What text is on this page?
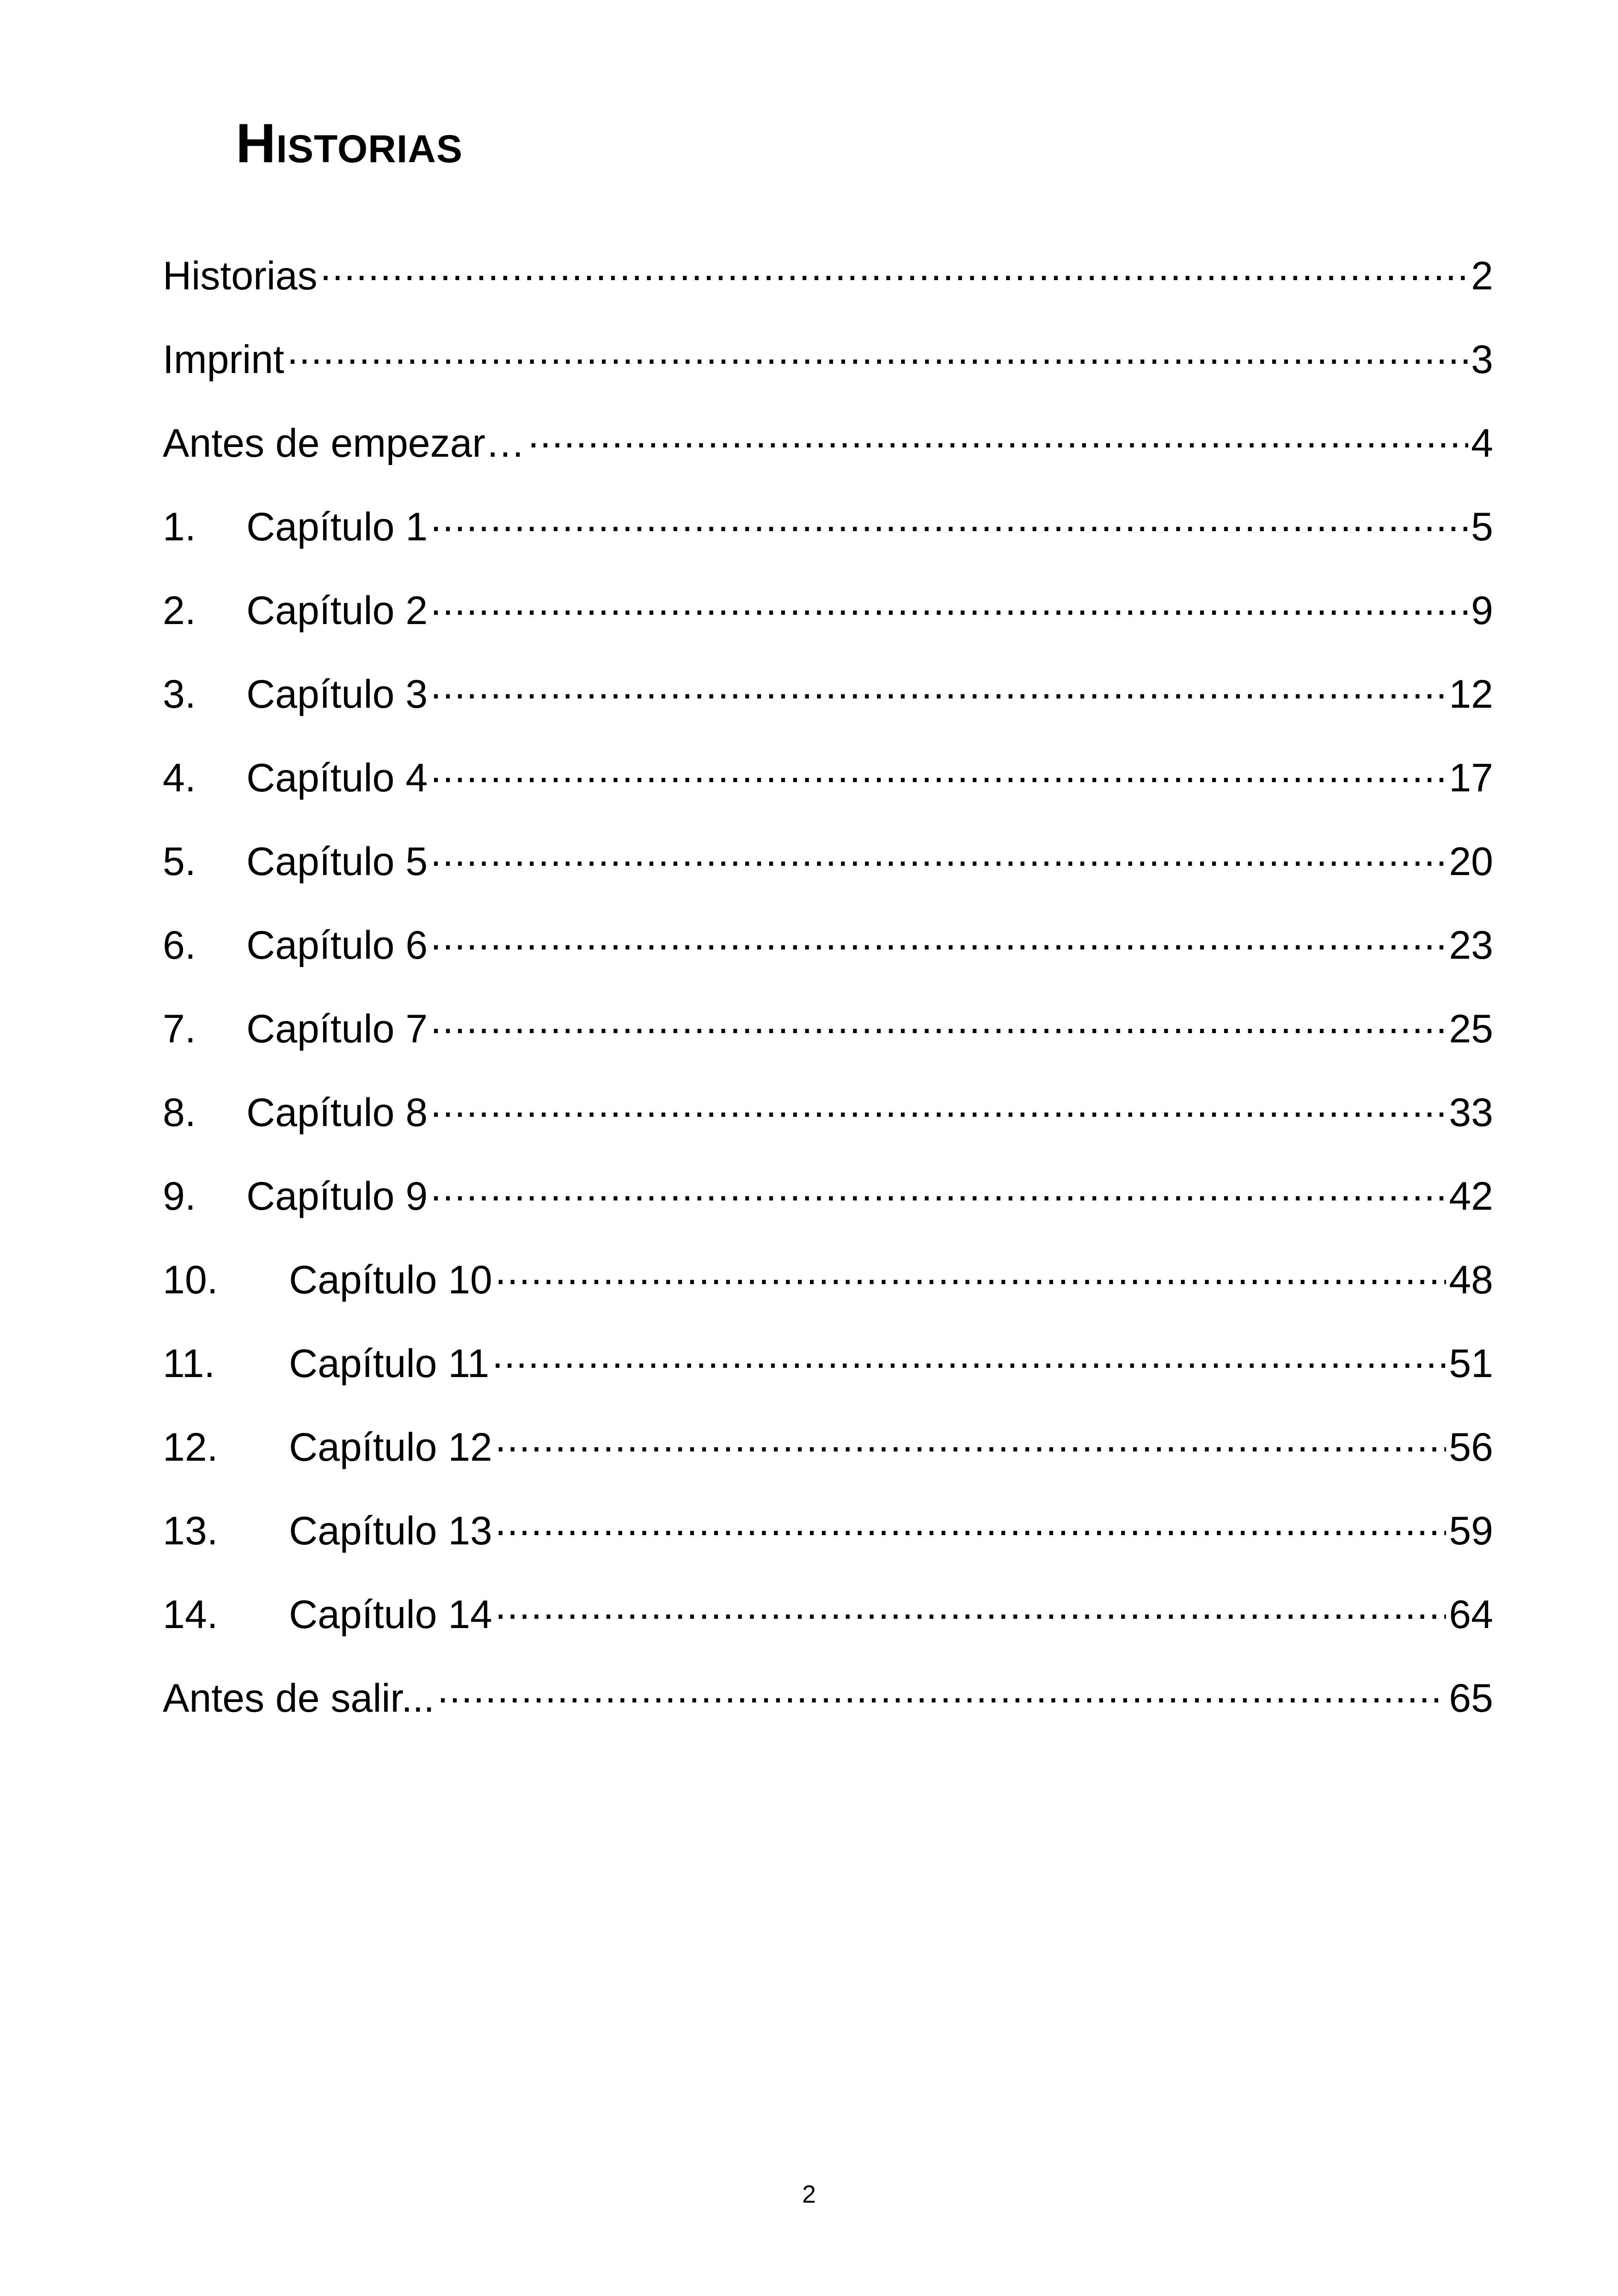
Historias
Historias .....	2
Imprint .....	3
Antes de empezar… .....	4
1.	Capítulo 1 .....	5
2.	Capítulo 2 .....	9
3.	Capítulo 3 .....	12
4.	Capítulo 4 .....	17
5.	Capítulo 5 .....	20
6.	Capítulo 6 .....	23
7.	Capítulo 7 .....	25
8.	Capítulo 8 .....	33
9.	Capítulo 9 .....	42
10.	Capítulo 10 .....	48
11.	Capítulo 11 .....	51
12.	Capítulo 12 .....	56
13.	Capítulo 13 .....	59
14.	Capítulo 14 .....	64
Antes de salir... .....	65
2
